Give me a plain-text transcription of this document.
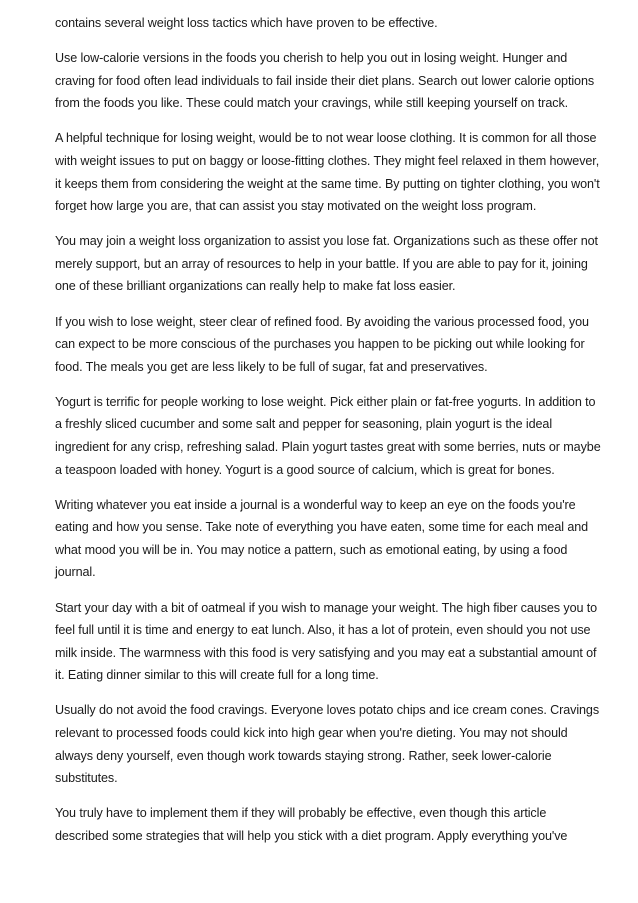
contains several weight loss tactics which have proven to be effective.

Use low-calorie versions in the foods you cherish to help you out in losing weight. Hunger and craving for food often lead individuals to fail inside their diet plans. Search out lower calorie options from the foods you like. These could match your cravings, while still keeping yourself on track.

A helpful technique for losing weight, would be to not wear loose clothing. It is common for all those with weight issues to put on baggy or loose-fitting clothes. They might feel relaxed in them however, it keeps them from considering the weight at the same time. By putting on tighter clothing, you won't forget how large you are, that can assist you stay motivated on the weight loss program.

You may join a weight loss organization to assist you lose fat. Organizations such as these offer not merely support, but an array of resources to help in your battle. If you are able to pay for it, joining one of these brilliant organizations can really help to make fat loss easier.

If you wish to lose weight, steer clear of refined food. By avoiding the various processed food, you can expect to be more conscious of the purchases you happen to be picking out while looking for food. The meals you get are less likely to be full of sugar, fat and preservatives.

Yogurt is terrific for people working to lose weight. Pick either plain or fat-free yogurts. In addition to a freshly sliced cucumber and some salt and pepper for seasoning, plain yogurt is the ideal ingredient for any crisp, refreshing salad. Plain yogurt tastes great with some berries, nuts or maybe a teaspoon loaded with honey. Yogurt is a good source of calcium, which is great for bones.

Writing whatever you eat inside a journal is a wonderful way to keep an eye on the foods you're eating and how you sense. Take note of everything you have eaten, some time for each meal and what mood you will be in. You may notice a pattern, such as emotional eating, by using a food journal.

Start your day with a bit of oatmeal if you wish to manage your weight. The high fiber causes you to feel full until it is time and energy to eat lunch. Also, it has a lot of protein, even should you not use milk inside. The warmness with this food is very satisfying and you may eat a substantial amount of it. Eating dinner similar to this will create full for a long time.

Usually do not avoid the food cravings. Everyone loves potato chips and ice cream cones. Cravings relevant to processed foods could kick into high gear when you're dieting. You may not should always deny yourself, even though work towards staying strong. Rather, seek lower-calorie substitutes.

You truly have to implement them if they will probably be effective, even though this article described some strategies that will help you stick with a diet program. Apply everything you've
